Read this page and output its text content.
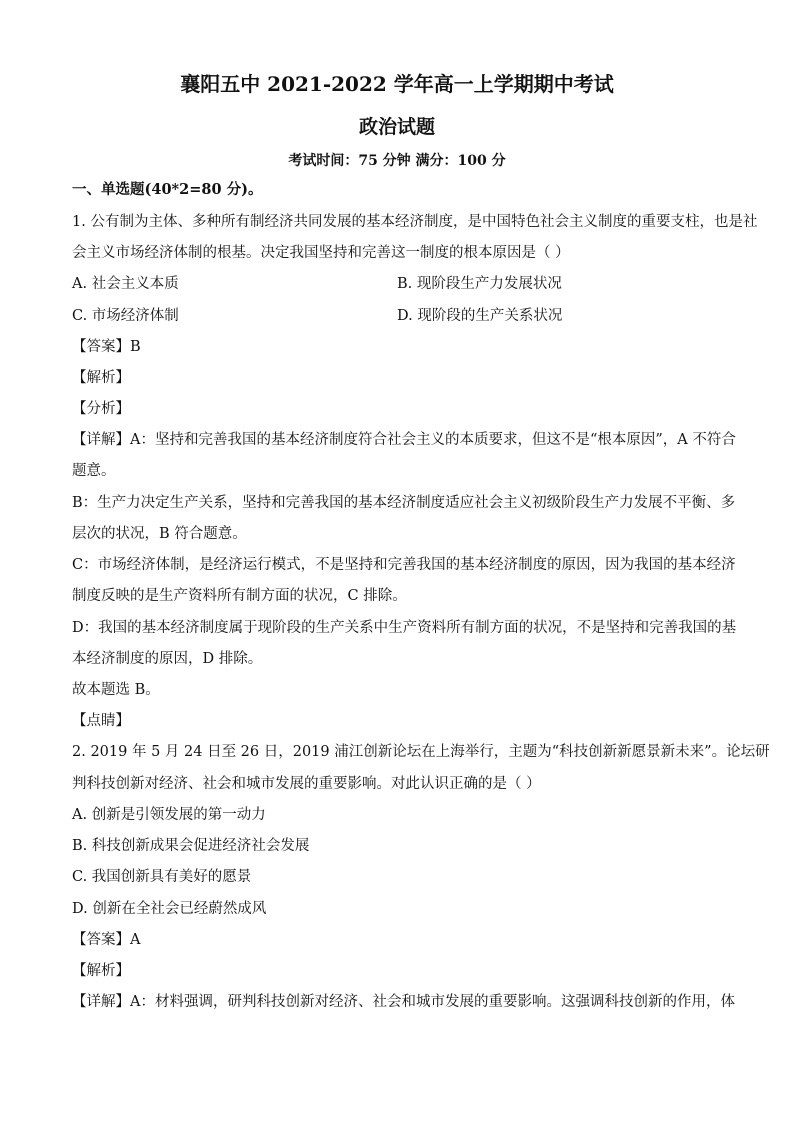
襄阳五中 2021-2022 学年高一上学期期中考试
政治试题
考试时间：75 分钟 满分：100 分
一、单选题(40*2=80 分)。
1. 公有制为主体、多种所有制经济共同发展的基本经济制度，是中国特色社会主义制度的重要支柱，也是社
会主义市场经济体制的根基。决定我国坚持和完善这一制度的根本原因是（ ）
A. 社会主义本质	B. 现阶段生产力发展状况
C. 市场经济体制	D. 现阶段的生产关系状况
【答案】B
【解析】
【分析】
【详解】A：坚持和完善我国的基本经济制度符合社会主义的本质要求，但这不是“根本原因”，A 不符合
题意。
B：生产力决定生产关系，坚持和完善我国的基本经济制度适应社会主义初级阶段生产力发展不平衡、多
层次的状况，B 符合题意。
C：市场经济体制，是经济运行模式，不是坚持和完善我国的基本经济制度的原因，因为我国的基本经济
制度反映的是生产资料所有制方面的状况，C 排除。
D：我国的基本经济制度属于现阶段的生产关系中生产资料所有制方面的状况，不是坚持和完善我国的基
本经济制度的原因，D 排除。
故本题选 B。
【点睛】
2. 2019 年 5 月 24 日至 26 日，2019 浦江创新论坛在上海举行，主题为“科技创新新愿景新未来”。论坛研
判科技创新对经济、社会和城市发展的重要影响。对此认识正确的是（ ）
A. 创新是引领发展的第一动力
B. 科技创新成果会促进经济社会发展
C. 我国创新具有美好的愿景
D. 创新在全社会已经蔚然成风
【答案】A
【解析】
【详解】A：材料强调，研判科技创新对经济、社会和城市发展的重要影响。这强调科技创新的作用，体
